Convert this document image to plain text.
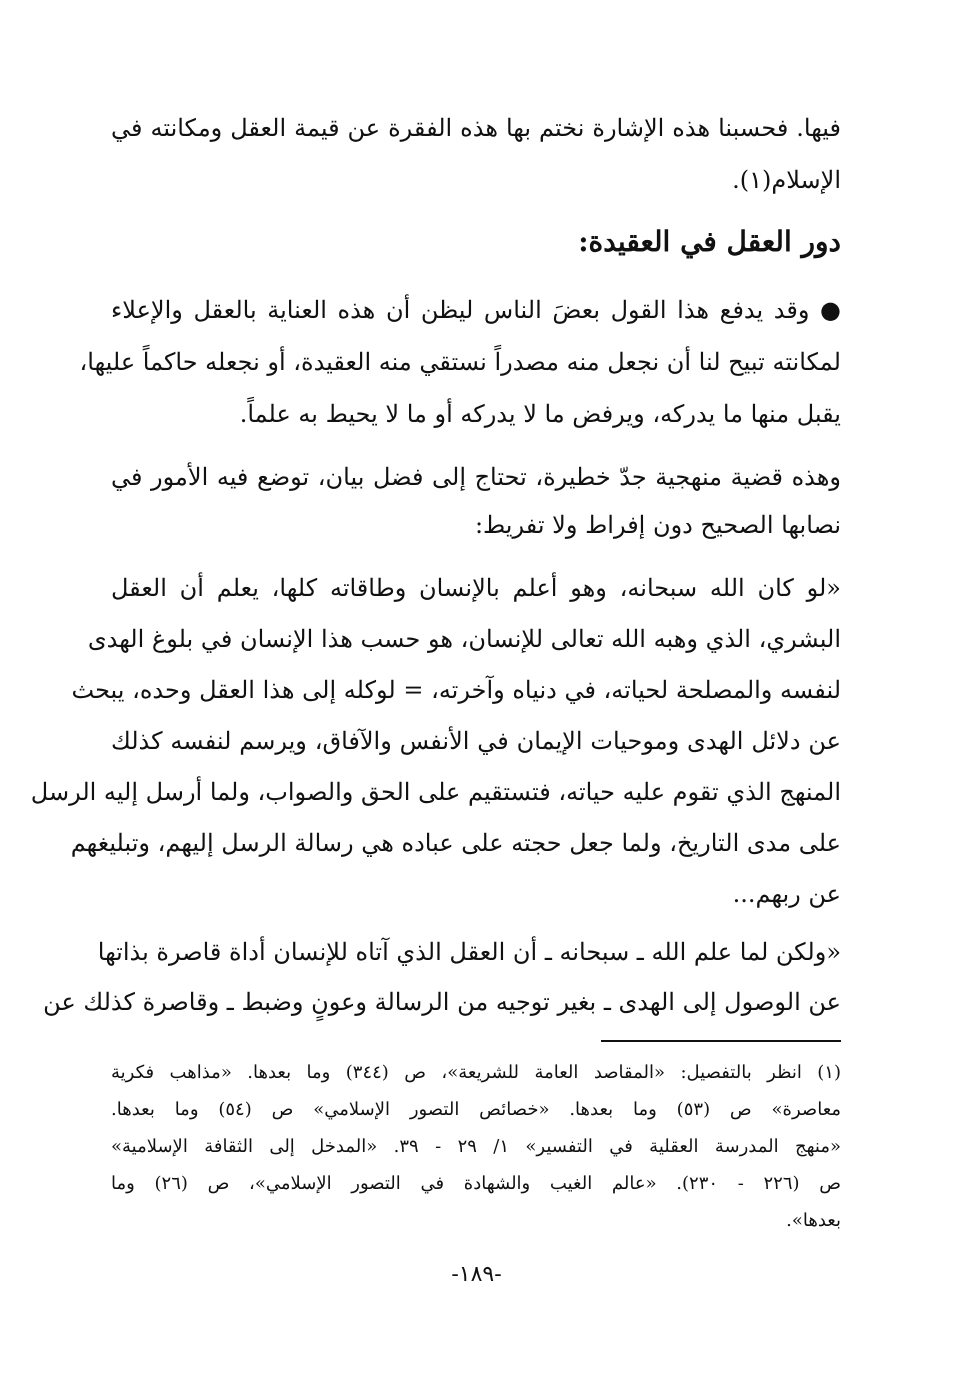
فيها. فحسبنا هذه الإشارة نختم بها هذه الفقرة عن قيمة العقل ومكانته في
الإسلام(١).
دور العقل في العقيدة:
● وقد يدفع هذا القول بعضَ الناس ليظن أن هذه العناية بالعقل والإعلاء
لمكانته تبيح لنا أن نجعل منه مصدراً نستقي منه العقيدة، أو نجعله حاكماً عليها،
يقبل منها ما يدركه، ويرفض ما لا يدركه أو ما لا يحيط به علماً.
وهذه قضية منهجية جدّ خطيرة، تحتاج إلى فضل بيان، توضع فيه الأمور في
نصابها الصحيح دون إفراط ولا تفريط:
«لو كان الله سبحانه، وهو أعلم بالإنسان وطاقاته كلها، يعلم أن العقل
البشري، الذي وهبه الله تعالى للإنسان، هو حسب هذا الإنسان في بلوغ الهدى
لنفسه والمصلحة لحياته، في دنياه وآخرته، = لوكله إلى هذا العقل وحده، يبحث
عن دلائل الهدى وموحيات الإيمان في الأنفس والآفاق، ويرسم لنفسه كذلك
المنهج الذي تقوم عليه حياته، فتستقيم على الحق والصواب، ولما أرسل إليه الرسل
على مدى التاريخ، ولما جعل حجته على عباده هي رسالة الرسل إليهم، وتبليغهم
عن ربهم...
«ولكن لما علم الله ـ سبحانه ـ أن العقل الذي آتاه للإنسان أداة قاصرة بذاتها
عن الوصول إلى الهدى ـ بغير توجيه من الرسالة وعونٍ وضبط ـ وقاصرة كذلك عن
(١) انظر بالتفصيل: «المقاصد العامة للشريعة»، ص (٣٤٤) وما بعدها. «مذاهب فكرية
معاصرة» ص (٥٣) وما بعدها. «خصائص التصور الإسلامي» ص (٥٤) وما بعدها.
«منهج المدرسة العقلية في التفسير» ١/ ٢٩ - ٣٩. «المدخل إلى الثقافة الإسلامية»
ص (٢٢٦ - ٢٣٠). «عالم الغيب والشهادة في التصور الإسلامي»، ص (٢٦) وما
بعدها».
-١٨٩-
